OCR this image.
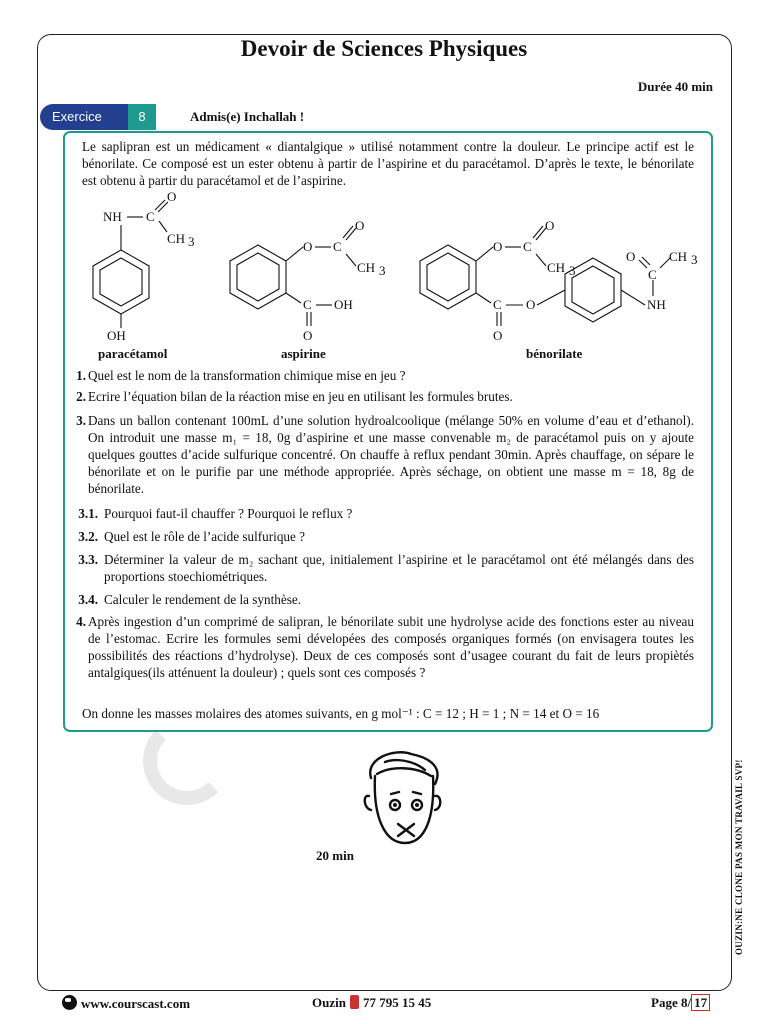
Devoir de Sciences Physiques
Durée 40 min
Exercice	8	Admis(e) Inchallah !
Le saplipran est un médicament « diantalgique » utilisé notamment contre la douleur. Le principe actif est le bénorilate. Ce composé est un ester obtenu à partir de l’aspirine et du paracétamol. D’après le texte, le bénorilate est obtenu à partir du paracétamol et de l’aspirine.
NH C
O
CH 3
OH
paracétamol
O C
O
CH 3
C OH
O
aspirine
O C
O
CH 3
C O
O
O
C
CH 3
NH
bénorilate
1. Quel est le nom de la transformation chimique mise en jeu ?
2. Ecrire l’équation bilan de la réaction mise en jeu en utilisant les formules brutes.
3. Dans un ballon contenant 100mL d’une solution hydroalcoolique (mélange 50% en volume d’eau et d’ethanol). On introduit une masse m₁ = 18, 0g d’aspirine et une masse convenable m₂ de paracétamol puis on y ajoute quelques gouttes d’acide sulfurique concentré. On chauffe à reflux pendant 30min. Après chauffage, on sépare le bénorilate et on le purifie par une méthode appropriée. Après séchage, on obtient une masse m = 18, 8g de bénorilate.
3.1. Pourquoi faut-il chauffer ? Pourquoi le reflux ?
3.2. Quel est le rôle de l’acide sulfurique ?
3.3. Déterminer la valeur de m₂ sachant que, initialement l’aspirine et le paracétamol ont été mélangés dans des proportions stoechiométriques.
3.4. Calculer le rendement de la synthèse.
4. Après ingestion d’un comprimé de salipran, le bénorilate subit une hydrolyse acide des fonctions ester au niveau de l’estomac. Ecrire les formules semi dévelopées des composés organiques formés (on envisagera toutes les possibilités des réactions d’hydrolyse). Deux de ces composés sont d’usagee courant du fait de leurs propiètés antalgiques(ils atténuent la douleur) ; quels sont ces composés ?
On donne les masses molaires des atomes suivants, en g mol⁻¹ : C = 12 ; H = 1 ; N = 14 et O = 16
20 min	OUZIN:NE CLONE PAS MON TRAVAIL SVP!
www.courscast.com	Ouzin 77 795 15 45	Page 8/ 17
